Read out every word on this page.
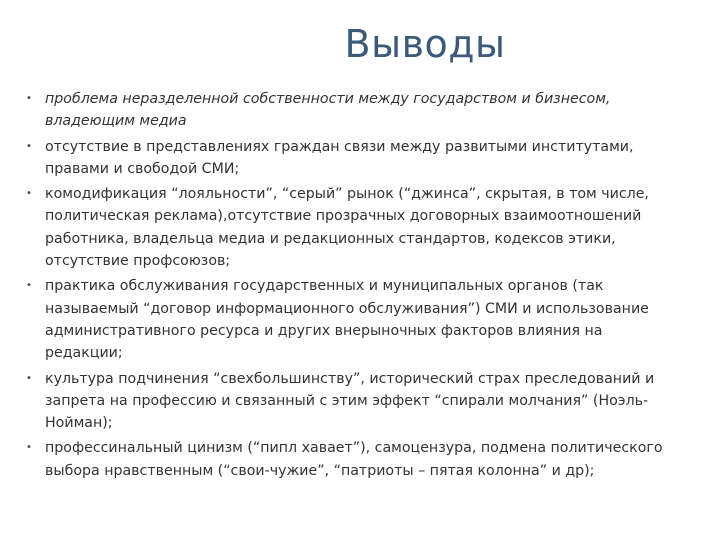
Выводы
• проблема неразделенной собственности между государством и бизнесом, владеющим медиа
• отсутствие в представлениях граждан связи между развитыми институтами, правами и свободой СМИ;
• комодификация “лояльности”, “серый” рынок (“джинса”, скрытая, в том числе, политическая реклама),отсутствие прозрачных договорных взаимоотношений работника, владельца медиа и редакционных стандартов, кодексов этики, отсутствие профсоюзов;
• практика обслуживания государственных и муниципальных органов (так называемый “договор информационного обслуживания”) СМИ и использование административного ресурса и других внерыночных факторов влияния на редакции;
• культура подчинения “свехбольшинству”, исторический страх преследований и запрета на профессию и связанный с этим эффект “спирали молчания” (Ноэль-Нойман);
• профессинальный цинизм (“пипл хавает”), самоцензура, подмена политического выбора нравственным (“свои-чужие”, “патриоты – пятая колонна” и др);
